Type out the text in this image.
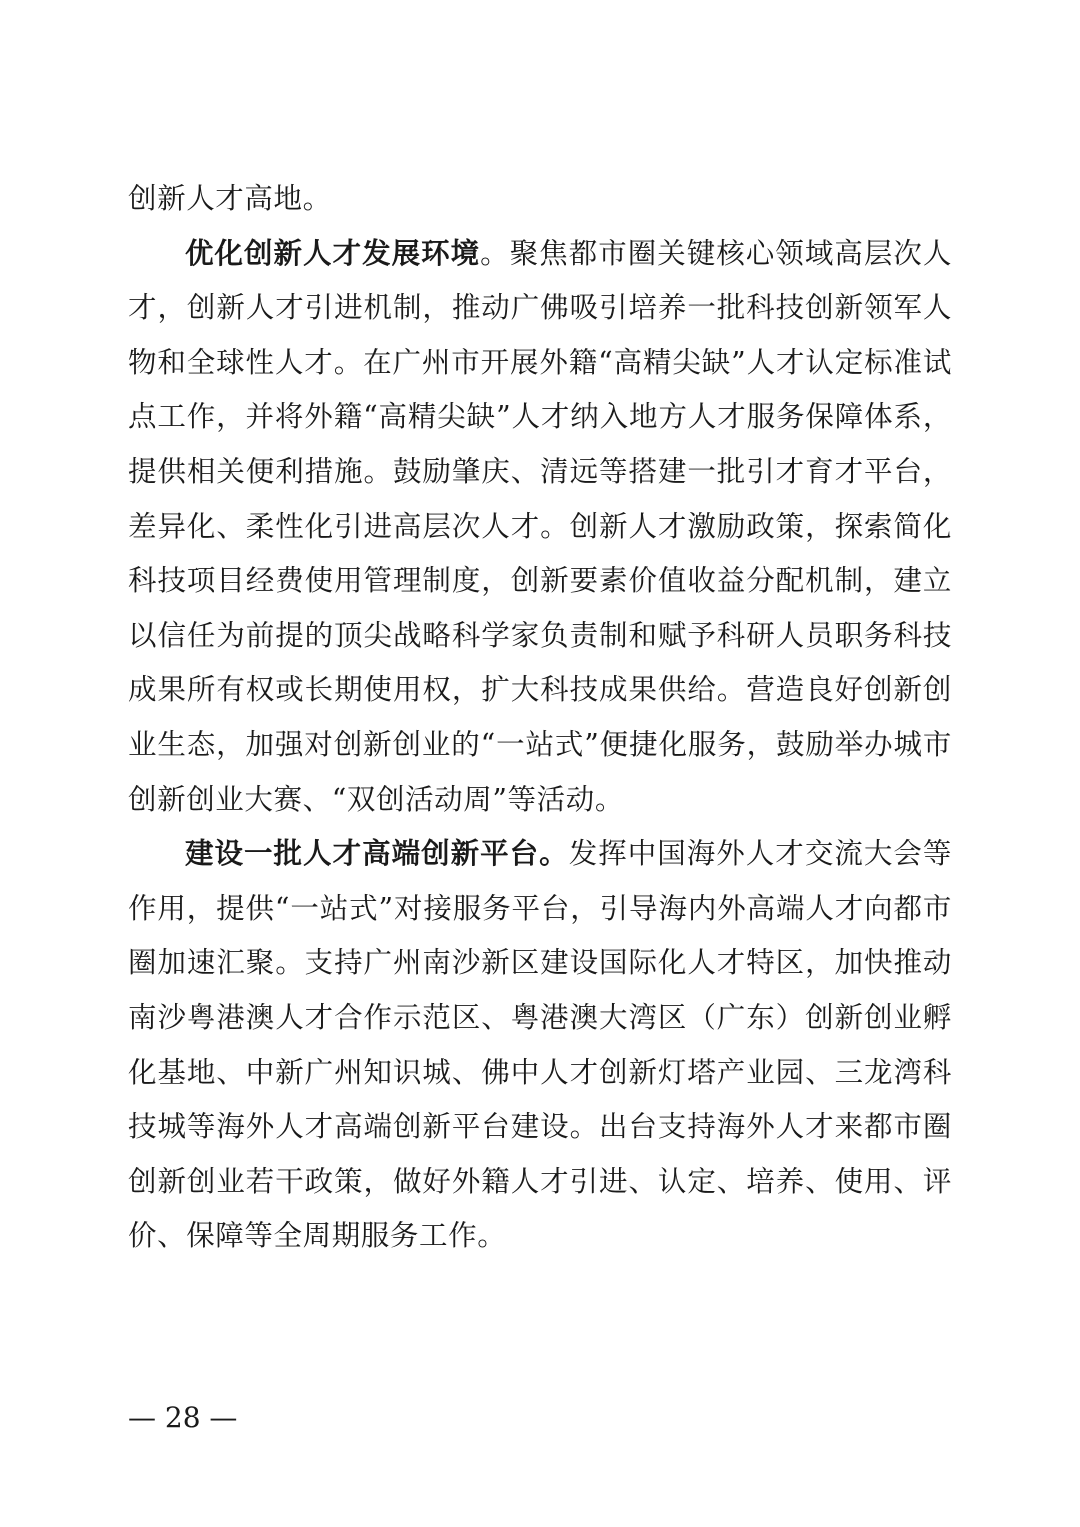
创新人才高地。

优化创新人才发展环境。聚焦都市圈关键核心领域高层次人才，创新人才引进机制，推动广佛吸引培养一批科技创新领军人物和全球性人才。在广州市开展外籍“高精尖缺”人才认定标准试点工作，并将外籍“高精尖缺”人才纳入地方人才服务保障体系，提供相关便利措施。鼓励肇庆、清远等搭建一批引才育才平台，差异化、柔性化引进高层次人才。创新人才激励政策，探索简化科技项目经费使用管理制度，创新要素价值收益分配机制，建立以信任为前提的顶尖战略科学家负责制和赋予科研人员职务科技成果所有权或长期使用权，扩大科技成果供给。营造良好创新创业生态，加强对创新创业的“一站式”便捷化服务，鼓励举办城市创新创业大赛、“双创活动周”等活动。

建设一批人才高端创新平台。发挥中国海外人才交流大会等作用，提供“一站式”对接服务平台，引导海内外高端人才向都市圈加速汇聚。支持广州南沙新区建设国际化人才特区，加快推动南沙粤港澳人才合作示范区、粤港澳大湾区（广东）创新创业孵化基地、中新广州知识城、佛中人才创新灯塔产业园、三龙湾科技城等海外人才高端创新平台建设。出台支持海外人才来都市圈创新创业若干政策，做好外籍人才引进、认定、培养、使用、评价、保障等全周期服务工作。

— 28 —
